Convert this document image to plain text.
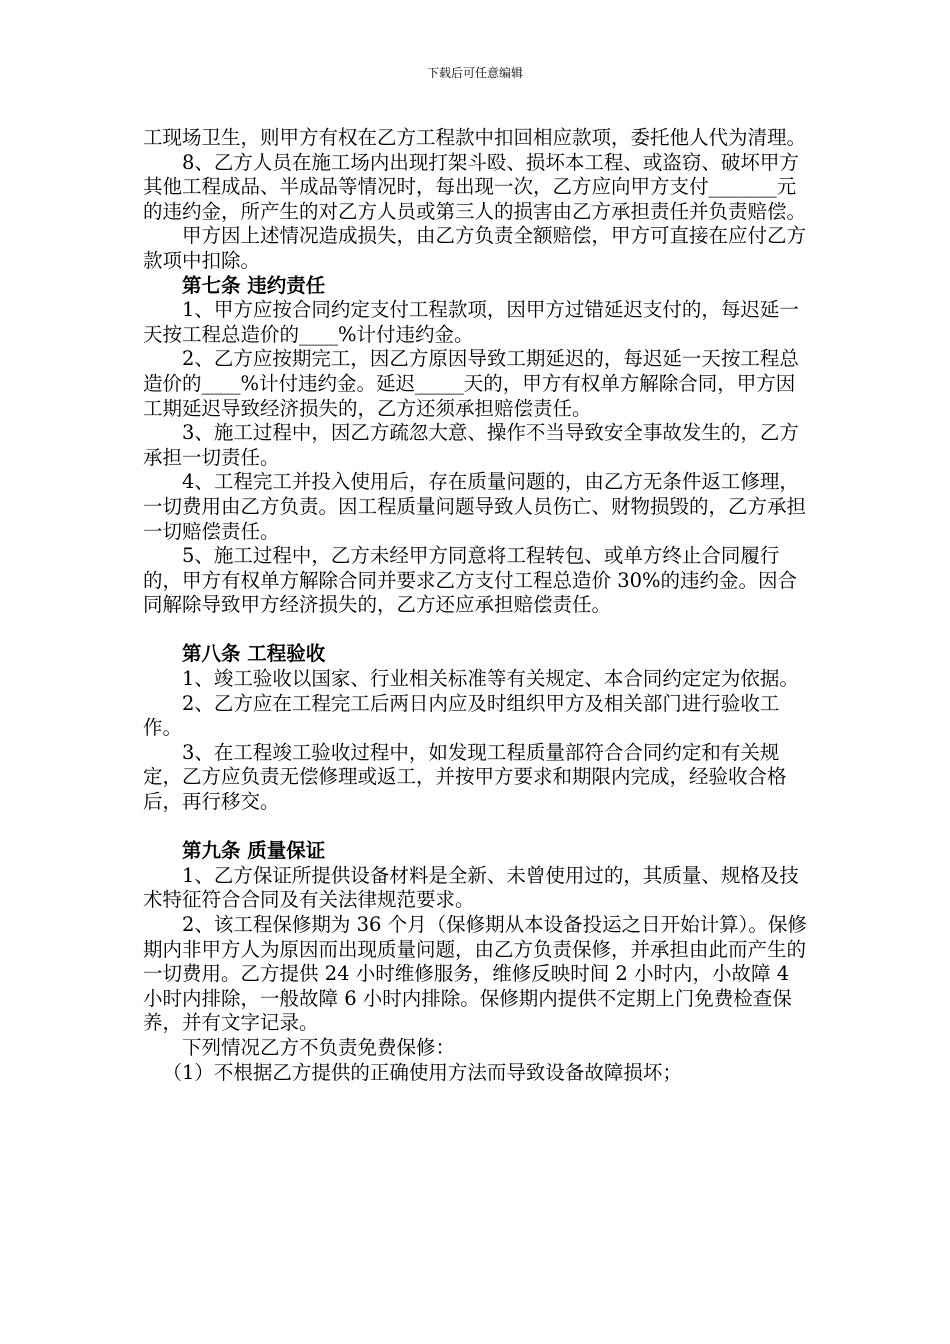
下载后可任意编辑

工现场卫生，则甲方有权在乙方工程款中扣回相应款项，委托他人代为清理。

8、乙方人员在施工场内出现打架斗殴、损坏本工程、或盗窃、破坏甲方其他工程成品、半成品等情况时，每出现一次，乙方应向甲方支付_______元的违约金，所产生的对乙方人员或第三人的损害由乙方承担责任并负责赔偿。

甲方因上述情况造成损失，由乙方负责全额赔偿，甲方可直接在应付乙方款项中扣除。

第七条 违约责任

1、甲方应按合同约定支付工程款项，因甲方过错延迟支付的，每迟延一天按工程总造价的____%计付违约金。

2、乙方应按期完工，因乙方原因导致工期延迟的，每迟延一天按工程总造价的____%计付违约金。延迟_____天的，甲方有权单方解除合同，甲方因工期延迟导致经济损失的，乙方还须承担赔偿责任。

3、施工过程中，因乙方疏忽大意、操作不当导致安全事故发生的，乙方承担一切责任。

4、工程完工并投入使用后，存在质量问题的，由乙方无条件返工修理，一切费用由乙方负责。因工程质量问题导致人员伤亡、财物损毁的，乙方承担一切赔偿责任。

5、施工过程中，乙方未经甲方同意将工程转包、或单方终止合同履行的，甲方有权单方解除合同并要求乙方支付工程总造价 30%的违约金。因合同解除导致甲方经济损失的，乙方还应承担赔偿责任。

第八条 工程验收

1、竣工验收以国家、行业相关标准等有关规定、本合同约定定为依据。

2、乙方应在工程完工后两日内应及时组织甲方及相关部门进行验收工作。

3、在工程竣工验收过程中，如发现工程质量部符合合同约定和有关规定，乙方应负责无偿修理或返工，并按甲方要求和期限内完成，经验收合格后，再行移交。

第九条 质量保证

1、乙方保证所提供设备材料是全新、未曾使用过的，其质量、规格及技术特征符合合同及有关法律规范要求。

2、该工程保修期为 36 个月（保修期从本设备投运之日开始计算）。保修期内非甲方人为原因而出现质量问题，由乙方负责保修，并承担由此而产生的一切费用。乙方提供 24 小时维修服务，维修反映时间 2 小时内，小故障 4 小时内排除，一般故障 6 小时内排除。保修期内提供不定期上门免费检查保养，并有文字记录。

下列情况乙方不负责免费保修：

（1）不根据乙方提供的正确使用方法而导致设备故障损坏；
